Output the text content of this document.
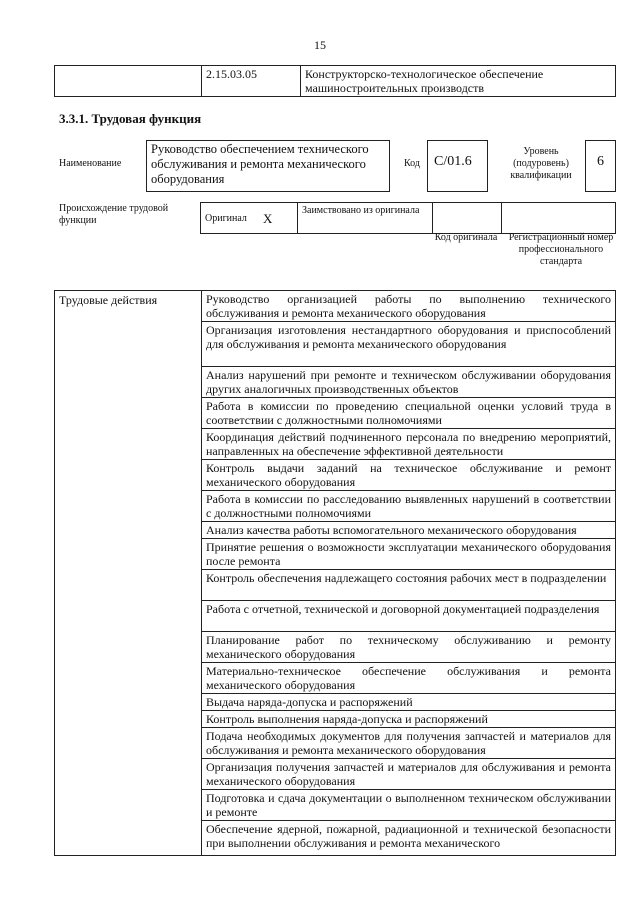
15
	2.15.03.05	Конструкторско-технологическое обеспечение машиностроительных производств
3.3.1. Трудовая функция
Наименование
Руководство обеспечением технического обслуживания и ремонта механического оборудования
Код	C/01.6
Уровень (подуровень) квалификации
6
Происхождение трудовой функции	Оригинал	X	Заимствовано из оригинала		
Код оригинала	Регистрационный номер профессионального стандарта
Трудовые действия	Руководство организацией работы по выполнению технического обслуживания и ремонта механического оборудования
Организация изготовления нестандартного оборудования и приспособлений для обслуживания и ремонта механического оборудования
Анализ нарушений при ремонте и техническом обслуживании оборудования других аналогичных производственных объектов
Работа в комиссии по проведению специальной оценки условий труда в соответствии с должностными полномочиями
Координация действий подчиненного персонала по внедрению мероприятий, направленных на обеспечение эффективной деятельности
Контроль выдачи заданий на техническое обслуживание и ремонт механического оборудования
Работа в комиссии по расследованию выявленных нарушений в соответствии с должностными полномочиями
Анализ качества работы вспомогательного механического оборудования
Принятие решения о возможности эксплуатации механического оборудования после ремонта
Контроль обеспечения надлежащего состояния рабочих мест в подразделении
Работа с отчетной, технической и договорной документацией подразделения
Планирование работ по техническому обслуживанию и ремонту механического оборудования
Материально-техническое обеспечение обслуживания и ремонта механического оборудования
Выдача наряда-допуска и распоряжений
Контроль выполнения наряда-допуска и распоряжений
Подача необходимых документов для получения запчастей и материалов для обслуживания и ремонта механического оборудования
Организация получения запчастей и материалов для обслуживания и ремонта механического оборудования
Подготовка и сдача документации о выполненном техническом обслуживании и ремонте
Обеспечение ядерной, пожарной, радиационной и технической безопасности при выполнении обслуживания и ремонта механического
